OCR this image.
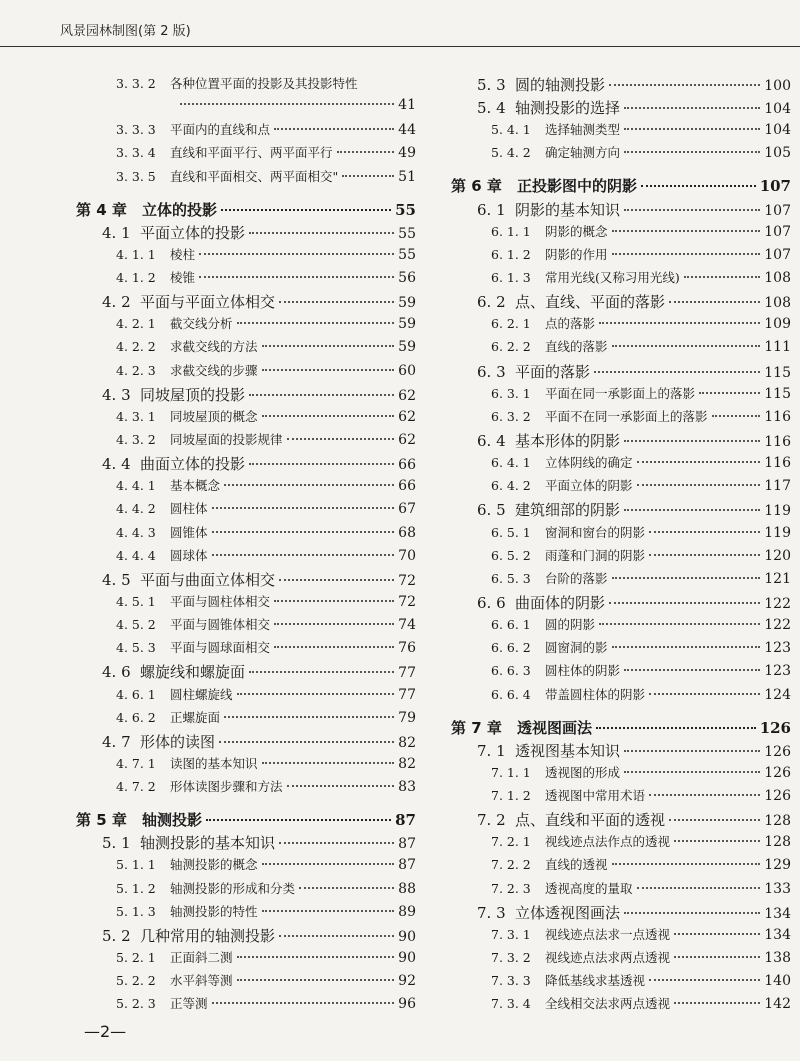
风景园林制图(第 2 版)
3. 3. 2	各种位置平面的投影及其投影特性
41
3. 3. 3	平面内的直线和点	44
3. 3. 4	直线和平面平行、两平面平行	49
3. 3. 5	直线和平面相交、两平面相交"	51
第 4 章	立体的投影	55
4. 1 平面立体的投影	55
4. 1. 1	棱柱	55
4. 1. 2	棱锥	56
4. 2 平面与平面立体相交	59
4. 2. 1	截交线分析	59
4. 2. 2	求截交线的方法	59
4. 2. 3	求截交线的步骤	60
4. 3 同坡屋顶的投影	62
4. 3. 1	同坡屋顶的概念	62
4. 3. 2	同坡屋面的投影规律	62
4. 4 曲面立体的投影	66
4. 4. 1	基本概念	66
4. 4. 2	圆柱体	67
4. 4. 3	圆锥体	68
4. 4. 4	圆球体	70
4. 5 平面与曲面立体相交	72
4. 5. 1	平面与圆柱体相交	72
4. 5. 2	平面与圆锥体相交	74
4. 5. 3	平面与圆球面相交	76
4. 6 螺旋线和螺旋面	77
4. 6. 1	圆柱螺旋线	77
4. 6. 2	正螺旋面	79
4. 7 形体的读图	82
4. 7. 1	读图的基本知识	82
4. 7. 2	形体读图步骤和方法	83
第 5 章	轴测投影	87
5. 1 轴测投影的基本知识	87
5. 1. 1	轴测投影的概念	87
5. 1. 2	轴测投影的形成和分类	88
5. 1. 3	轴测投影的特性	89
5. 2 几种常用的轴测投影	90
5. 2. 1	正面斜二测	90
5. 2. 2	水平斜等测	92
5. 2. 3	正等测	96
5. 3 圆的轴测投影	100
5. 4 轴测投影的选择	104
5. 4. 1	选择轴测类型	104
5. 4. 2	确定轴测方向	105
第 6 章	正投影图中的阴影	107
6. 1 阴影的基本知识	107
6. 1. 1	阴影的概念	107
6. 1. 2	阴影的作用	107
6. 1. 3	常用光线(又称习用光线)	108
6. 2 点、直线、平面的落影	108
6. 2. 1	点的落影	109
6. 2. 2	直线的落影	111
6. 3 平面的落影	115
6. 3. 1	平面在同一承影面上的落影	115
6. 3. 2	平面不在同一承影面上的落影	116
6. 4 基本形体的阴影	116
6. 4. 1	立体阴线的确定	116
6. 4. 2	平面立体的阴影	117
6. 5 建筑细部的阴影	119
6. 5. 1	窗洞和窗台的阴影	119
6. 5. 2	雨蓬和门洞的阴影	120
6. 5. 3	台阶的落影	121
6. 6 曲面体的阴影	122
6. 6. 1	圆的阴影	122
6. 6. 2	圆窗洞的影	123
6. 6. 3	圆柱体的阴影	123
6. 6. 4	带盖圆柱体的阴影	124
第 7 章	透视图画法	126
7. 1 透视图基本知识	126
7. 1. 1	透视图的形成	126
7. 1. 2	透视图中常用术语	126
7. 2 点、直线和平面的透视	128
7. 2. 1	视线迹点法作点的透视	128
7. 2. 2	直线的透视	129
7. 2. 3	透视高度的量取	133
7. 3 立体透视图画法	134
7. 3. 1	视线迹点法求一点透视	134
7. 3. 2	视线迹点法求两点透视	138
7. 3. 3	降低基线求基透视	140
7. 3. 4	全线相交法求两点透视	142
—2—
